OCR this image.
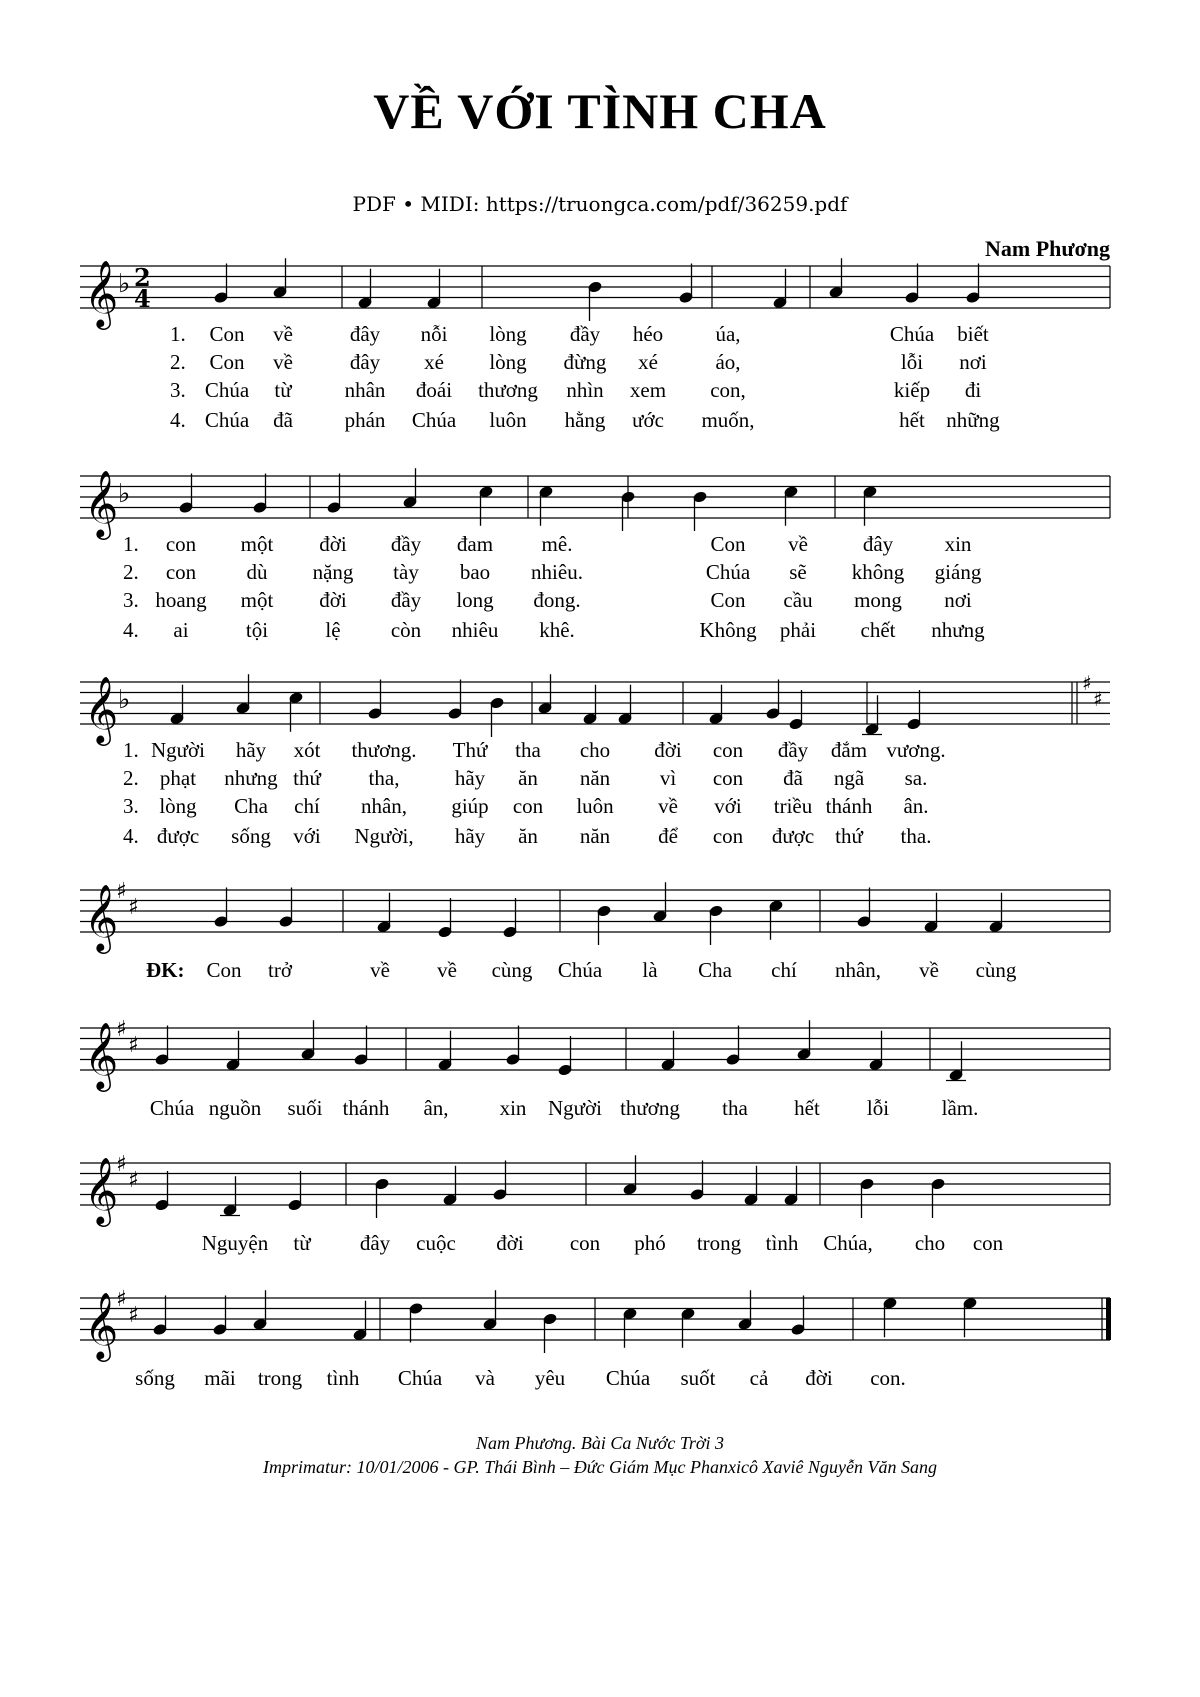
VỀ VỚI TÌNH CHA
PDF • MIDI: https://truongca.com/pdf/36259.pdf
Nam Phương
𝄞 ♭ 2
4
1. Con về	đây nỗi lòng đầy héo úa,	Chúa biết
2. Con về	đây xé lòng đừng xé	áo,	lỗi nơi
3. Chúa từ	nhân đoái thương nhìn xem con,	kiếp đi
4. Chúa đã phán Chúa luôn hằng ước muốn,	hết những
𝄞 ♭
1. con một đời đầy đam mê.	Con về	đây xin
2. con dù nặng tày bao nhiêu.	Chúa sẽ không giáng
3. hoang một đời đầy long đong.	Con cầu mong nơi
4. ai	tội	lệ còn nhiêu khê.	Không phải chết nhưng
𝄞 ♭
♯
♯
1. Người hãy xót thương. Thứ tha cho đời con đầy đắm vương.
2. phạt nhưng thứ tha,	hãy ăn năn vì con đã ngã sa.
3. lòng Cha chí nhân, giúp con luôn về với triều thánh ân.
4. được sống với Người, hãy ăn năn để con được thứ tha.
𝄞
♯
♯
ĐK: Con trở	về về cùng Chúa là Cha chí nhân, về cùng
𝄞
♯
♯
Chúa nguồn suối thánh ân, xin Người thương tha hết lỗi	lầm.
𝄞
♯
♯
Nguyện từ đây cuộc đời con phó trong tình Chúa, cho con
𝄞
♯
♯
sống mãi trong tình Chúa và yêu Chúa suốt cả đời con.
Nam Phương. Bài Ca Nước Trời 3
Imprimatur: 10/01/2006 - GP. Thái Bình – Đức Giám Mục Phanxicô Xaviê Nguyễn Văn Sang
